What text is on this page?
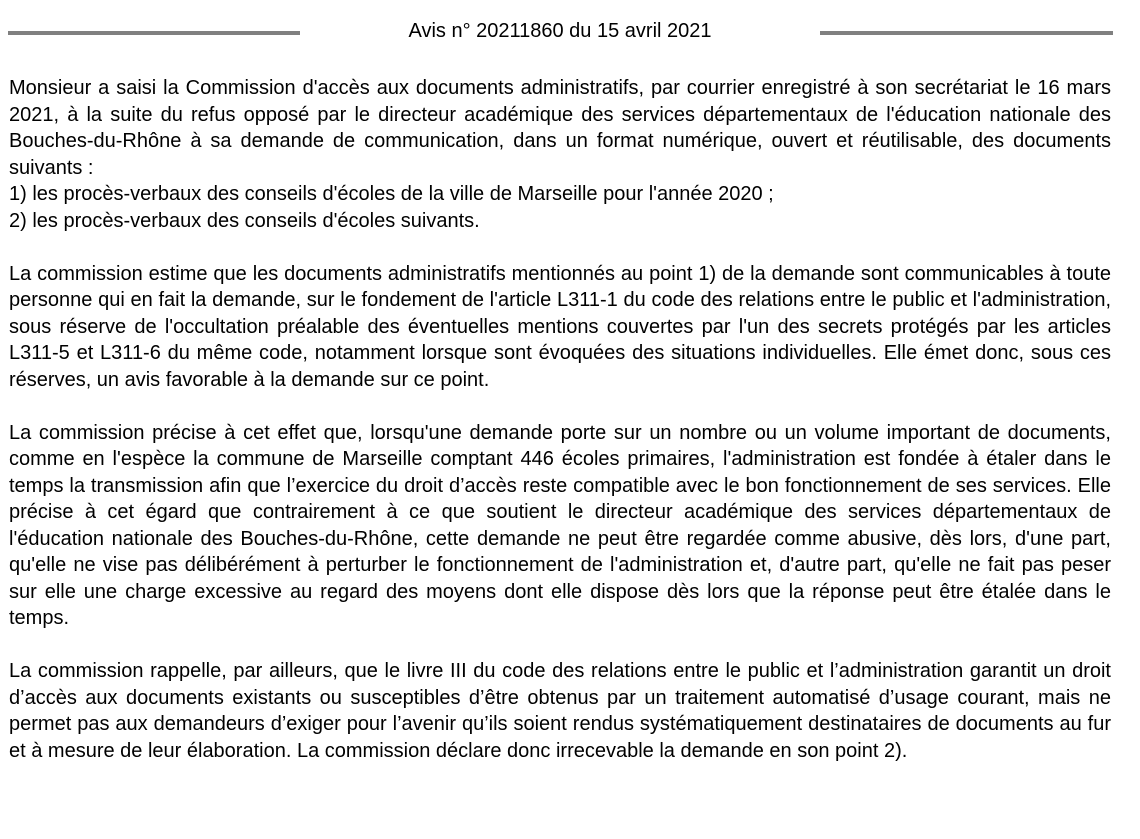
Avis n° 20211860 du 15 avril 2021
Monsieur a saisi la Commission d'accès aux documents administratifs, par courrier enregistré à son secrétariat le 16 mars 2021, à la suite du refus opposé par le directeur académique des services départementaux de l'éducation nationale des Bouches-du-Rhône à sa demande de communication, dans un format numérique, ouvert et réutilisable, des documents suivants :
1) les procès-verbaux des conseils d'écoles de la ville de Marseille pour l'année 2020 ;
2) les procès-verbaux des conseils d'écoles suivants.

La commission estime que les documents administratifs mentionnés au point 1) de la demande sont communicables à toute personne qui en fait la demande, sur le fondement de l'article L311-1 du code des relations entre le public et l'administration, sous réserve de l'occultation préalable des éventuelles mentions couvertes par l'un des secrets protégés par les articles L311-5 et L311-6 du même code, notamment lorsque sont évoquées des situations individuelles. Elle émet donc, sous ces réserves, un avis favorable à la demande sur ce point.

La commission précise à cet effet que, lorsqu'une demande porte sur un nombre ou un volume important de documents, comme en l'espèce la commune de Marseille comptant 446 écoles primaires, l'administration est fondée à étaler dans le temps la transmission afin que l’exercice du droit d’accès reste compatible avec le bon fonctionnement de ses services. Elle précise à cet égard que contrairement à ce que soutient le directeur académique des services départementaux de l'éducation nationale des Bouches-du-Rhône, cette demande ne peut être regardée comme abusive, dès lors, d'une part, qu'elle ne vise pas délibérément à perturber le fonctionnement de l'administration et, d'autre part, qu'elle ne fait pas peser sur elle une charge excessive au regard des moyens dont elle dispose dès lors que la réponse peut être étalée dans le temps.

La commission rappelle, par ailleurs, que le livre III du code des relations entre le public et l’administration garantit un droit d’accès aux documents existants ou susceptibles d’être obtenus par un traitement automatisé d’usage courant, mais ne permet pas aux demandeurs d’exiger pour l’avenir qu’ils soient rendus systématiquement destinataires de documents au fur et à mesure de leur élaboration. La commission déclare donc irrecevable la demande en son point 2).
